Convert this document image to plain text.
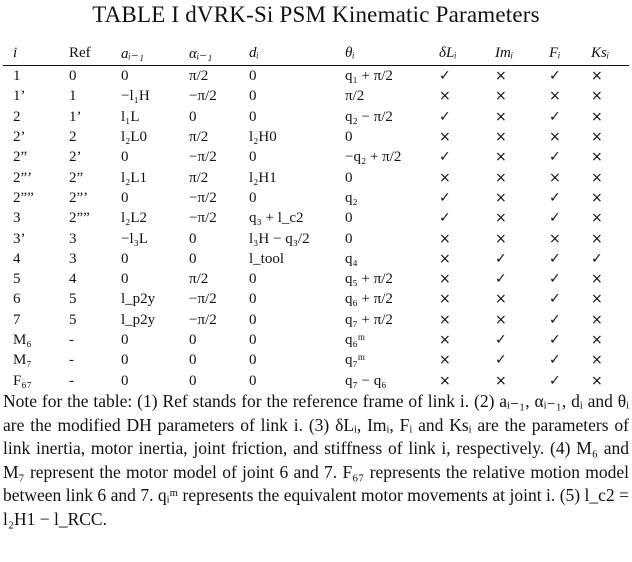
TABLE I dVRK-Si PSM Kinematic Parameters
i	Ref	aᵢ₋₁	αᵢ₋₁	dᵢ	θᵢ	δLᵢ	Imᵢ	Fᵢ	Ksᵢ
1	0	0	π/2	0	q₁ + π/2	✓	×	✓	×
1’	1	−l₁H	−π/2	0	π/2	×	×	×	×
2	1’	l₁L	0	0	q₂ − π/2	✓	×	✓	×
2’	2	l₂L0	π/2	l₂H0	0	×	×	×	×
2”	2’	0	−π/2	0	−q₂ + π/2	✓	×	✓	×
2”’	2”	l₂L1	π/2	l₂H1	0	×	×	×	×
2””	2”’	0	−π/2	0	q₂	✓	×	✓	×
3	2””	l₂L2	−π/2	q₃ + l_c2	0	✓	×	✓	×
3’	3	−l₃L	0	l₃H − q₃/2	0	×	×	×	×
4	3	0	0	l_tool	q₄	×	✓	✓	✓
5	4	0	π/2	0	q₅ + π/2	×	✓	✓	×
6	5	l_p2y	−π/2	0	q₆ + π/2	×	×	✓	×
7	5	l_p2y	−π/2	0	q₇ + π/2	×	×	✓	×
M₆	-	0	0	0	q₆ᵐ	×	✓	✓	×
M₇	-	0	0	0	q₇ᵐ	×	✓	✓	×
F₆₇	-	0	0	0	q₇ − q₆	×	×	✓	×
Note for the table: (1) Ref stands for the reference frame of link i. (2) aᵢ₋₁, αᵢ₋₁, dᵢ and θᵢ are the modified DH parameters of link i. (3) δLᵢ, Imᵢ, Fᵢ and Ksᵢ are the parameters of link inertia, motor inertia, joint friction, and stiffness of link i, respectively. (4) M₆ and M₇ represent the motor model of joint 6 and 7. F₆₇ represents the relative motion model between link 6 and 7. qᵢᵐ represents the equivalent motor movements at joint i. (5) l_c2 = l₂H1 − l_RCC.
